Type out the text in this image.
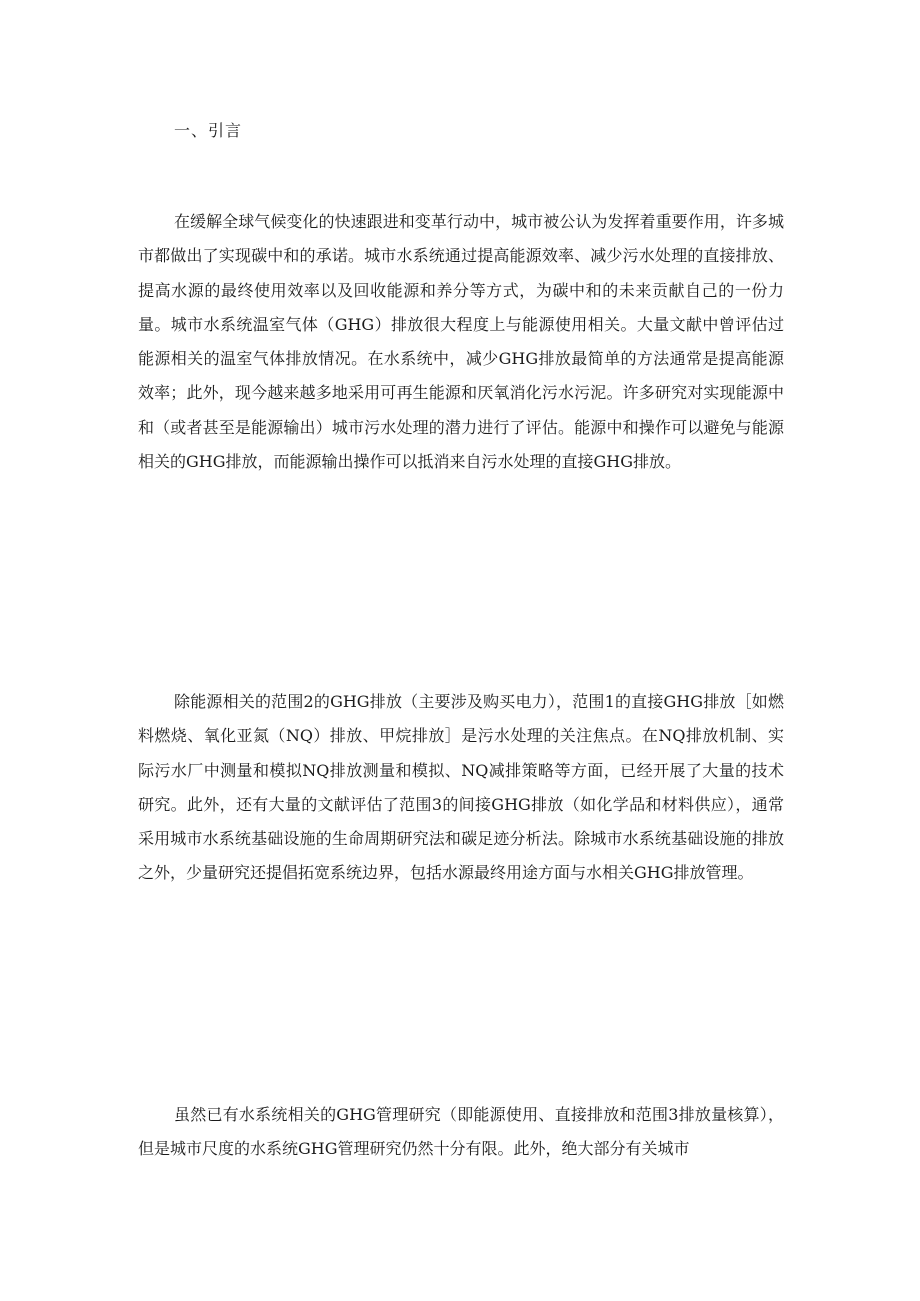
一、引言

在缓解全球气候变化的快速跟进和变革行动中，城市被公认为发挥着重要作用，许多城市都做出了实现碳中和的承诺。城市水系统通过提高能源效率、减少污水处理的直接排放、提高水源的最终使用效率以及回收能源和养分等方式，为碳中和的未来贡献自己的一份力量。城市水系统温室气体（GHG）排放很大程度上与能源使用相关。大量文献中曾评估过能源相关的温室气体排放情况。在水系统中，减少GHG排放最简单的方法通常是提高能源效率；此外，现今越来越多地采用可再生能源和厌氧消化污水污泥。许多研究对实现能源中和（或者甚至是能源输出）城市污水处理的潜力进行了评估。能源中和操作可以避免与能源相关的GHG排放，而能源输出操作可以抵消来自污水处理的直接GHG排放。

除能源相关的范围2的GHG排放（主要涉及购买电力），范围1的直接GHG排放［如燃料燃烧、氧化亚氮（NQ）排放、甲烷排放］是污水处理的关注焦点。在NQ排放机制、实际污水厂中测量和模拟NQ排放测量和模拟、NQ减排策略等方面，已经开展了大量的技术研究。此外，还有大量的文献评估了范围3的间接GHG排放（如化学品和材料供应），通常采用城市水系统基础设施的生命周期研究法和碳足迹分析法。除城市水系统基础设施的排放之外，少量研究还提倡拓宽系统边界，包括水源最终用途方面与水相关GHG排放管理。

虽然已有水系统相关的GHG管理研究（即能源使用、直接排放和范围3排放量核算），但是城市尺度的水系统GHG管理研究仍然十分有限。此外，绝大部分有关城市
